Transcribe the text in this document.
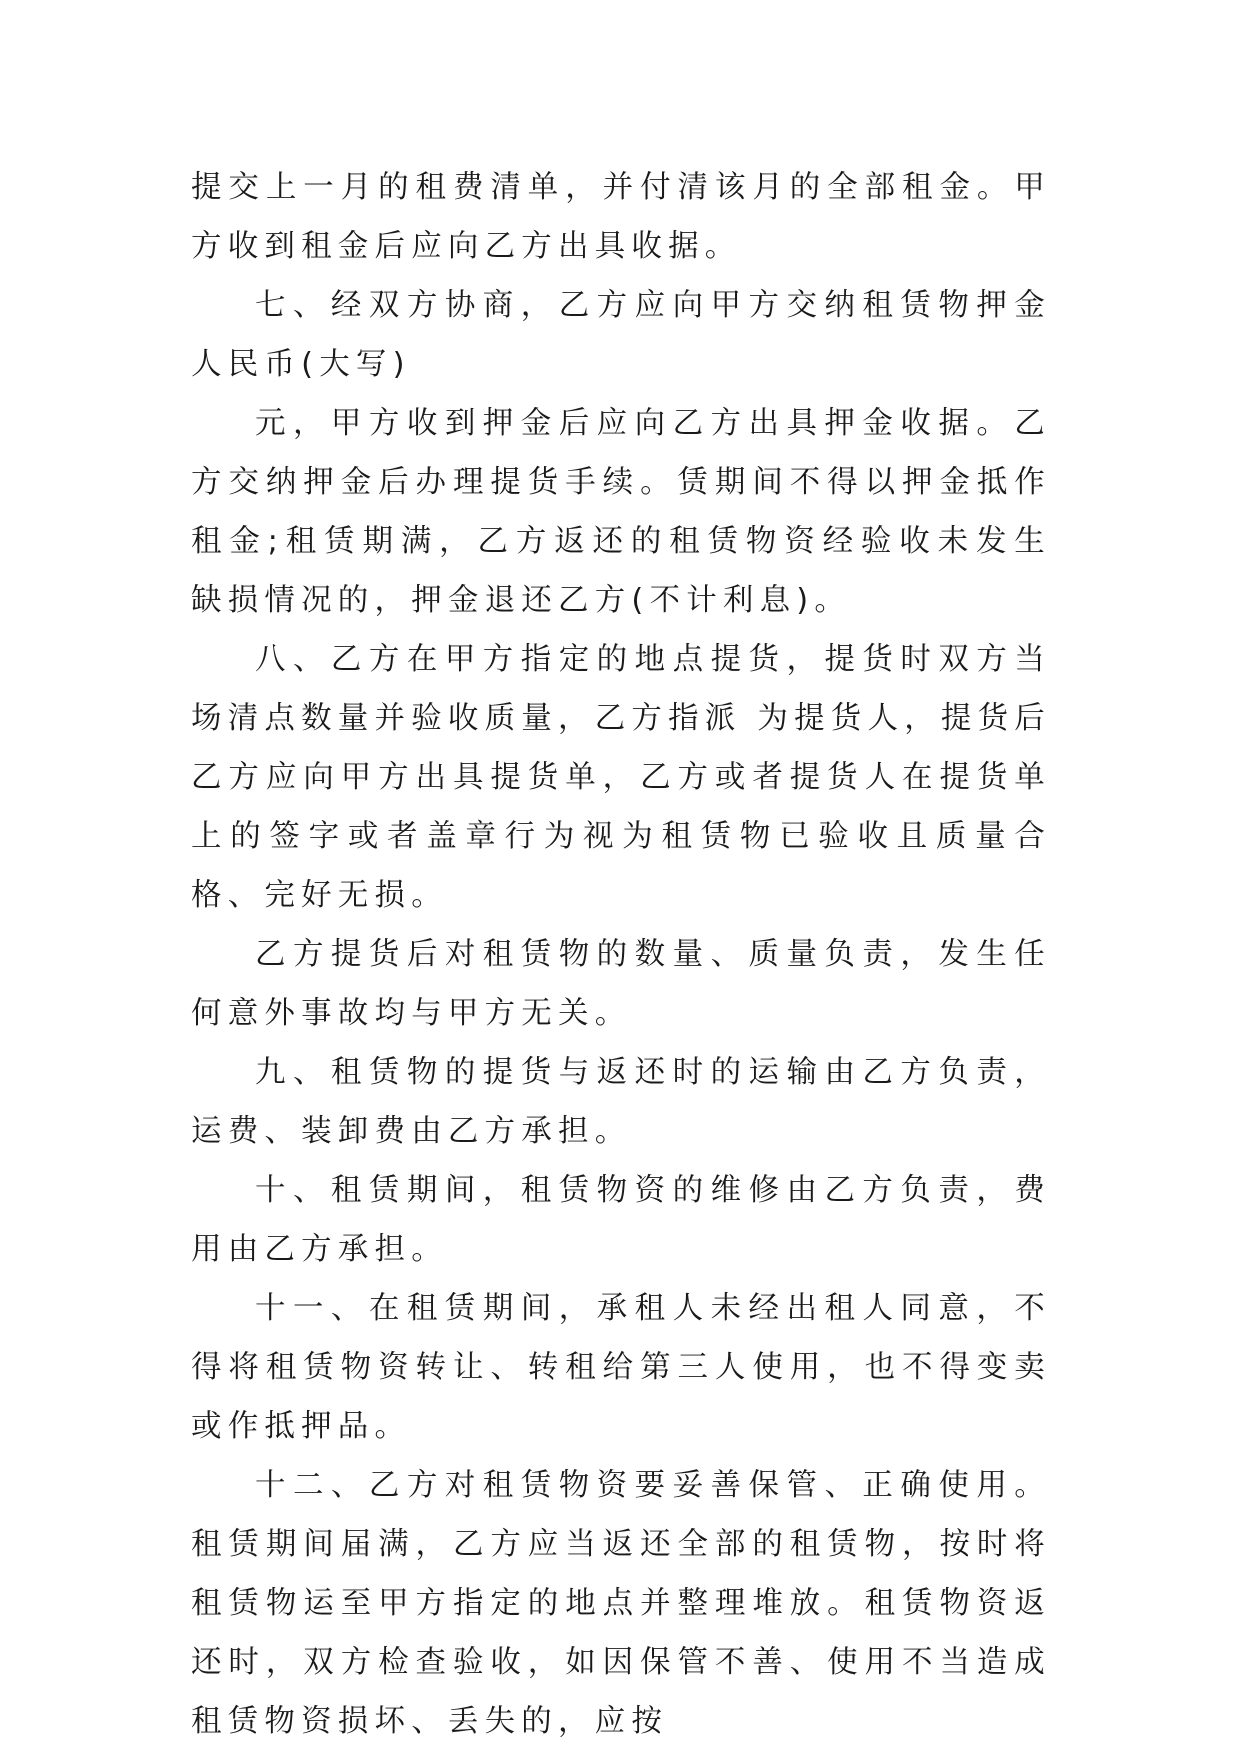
提交上一月的租费清单，并付清该月的全部租金。甲方收到租金后应向乙方出具收据。

七、经双方协商，乙方应向甲方交纳租赁物押金人民币(大写)

元，甲方收到押金后应向乙方出具押金收据。乙方交纳押金后办理提货手续。赁期间不得以押金抵作租金;租赁期满，乙方返还的租赁物资经验收未发生缺损情况的，押金退还乙方(不计利息)。

八、乙方在甲方指定的地点提货，提货时双方当场清点数量并验收质量，乙方指派 为提货人，提货后乙方应向甲方出具提货单，乙方或者提货人在提货单上的签字或者盖章行为视为租赁物已验收且质量合格、完好无损。

乙方提货后对租赁物的数量、质量负责，发生任何意外事故均与甲方无关。

九、租赁物的提货与返还时的运输由乙方负责，运费、装卸费由乙方承担。

十、租赁期间，租赁物资的维修由乙方负责，费用由乙方承担。

十一、在租赁期间，承租人未经出租人同意，不得将租赁物资转让、转租给第三人使用，也不得变卖或作抵押品。

十二、乙方对租赁物资要妥善保管、正确使用。租赁期间届满，乙方应当返还全部的租赁物，按时将租赁物运至甲方指定的地点并整理堆放。租赁物资返还时，双方检查验收，如因保管不善、使用不当造成租赁物资损坏、丢失的，应按
